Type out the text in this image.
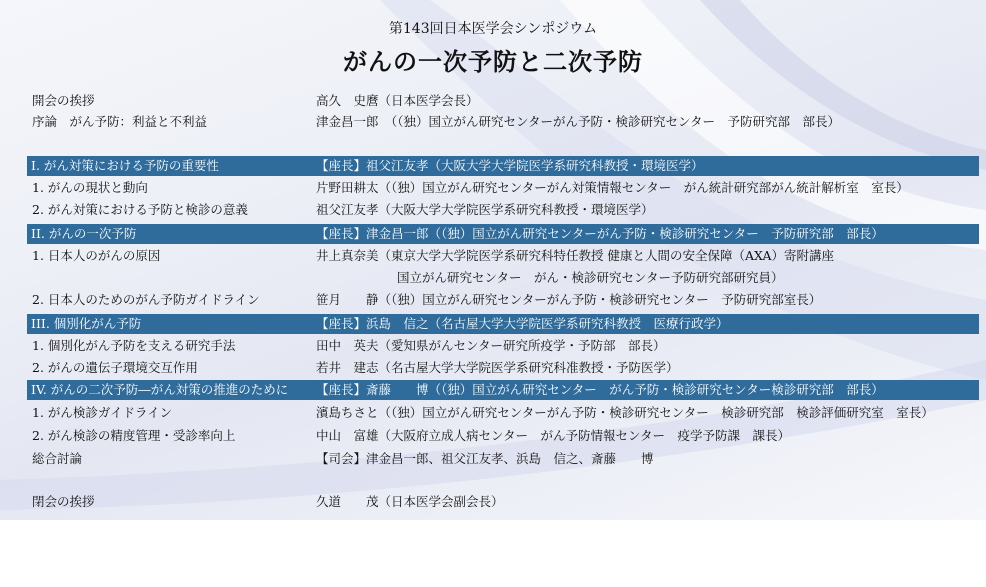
第143回日本医学会シンポジウム
がんの一次予防と二次予防
開会の挨拶	高久　史麿（日本医学会長）
序論　がん予防：利益と不利益	津金昌一郎　（（独）国立がん研究センターがん予防・検診研究センター　予防研究部　部長）
I. がん対策における予防の重要性	【座長】祖父江友孝（大阪大学大学院医学系研究科教授・環境医学）
1. がんの現状と動向	片野田耕太（（独）国立がん研究センターがん対策情報センター　がん統計研究部がん統計解析室　室長）
2. がん対策における予防と検診の意義	祖父江友孝（大阪大学大学院医学系研究科教授・環境医学）
II. がんの一次予防	【座長】津金昌一郎（（独）国立がん研究センターがん予防・検診研究センター　予防研究部　部長）
1. 日本人のがんの原因	井上真奈美（東京大学大学院医学系研究科特任教授 健康と人間の安全保障（AXA）寄附講座
国立がん研究センター　がん・検診研究センター予防研究部研究員）
2. 日本人のためのがん予防ガイドライン	笹月　　静（（独）国立がん研究センターがん予防・検診研究センター　予防研究部室長）
III. 個別化がん予防	【座長】浜島　信之（名古屋大学大学院医学系研究科教授　医療行政学）
1. 個別化がん予防を支える研究手法	田中　英夫（愛知県がんセンター研究所疫学・予防部　部長）
2. がんの遺伝子環境交互作用	若井　建志（名古屋大学大学院医学系研究科准教授・予防医学）
IV. がんの二次予防―がん対策の推進のために 【座長】斎藤　　博（（独）国立がん研究センター　がん予防・検診研究センター検診研究部　部長）
1. がん検診ガイドライン	濱島ちさと（（独）国立がん研究センターがん予防・検診研究センター　検診研究部　検診評価研究室　室長）
2. がん検診の精度管理・受診率向上	中山　富雄（大阪府立成人病センター　がん予防情報センター　疫学予防課　課長）
総合討論	【司会】津金昌一郎、祖父江友孝、浜島　信之、斎藤　　博
閉会の挨拶	久道　　茂（日本医学会副会長）
